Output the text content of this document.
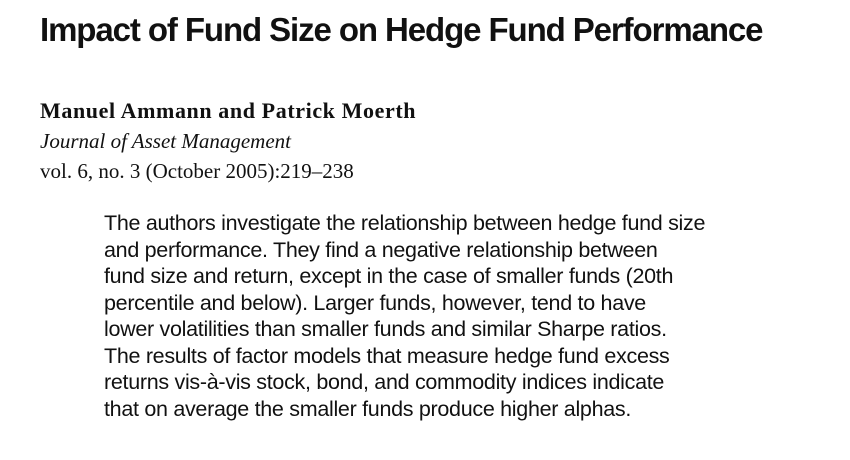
Impact of Fund Size on Hedge Fund Performance
Manuel Ammann and Patrick Moerth
Journal of Asset Management
vol. 6, no. 3 (October 2005):219–238

The authors investigate the relationship between hedge fund size
and performance. They find a negative relationship between
fund size and return, except in the case of smaller funds (20th
percentile and below). Larger funds, however, tend to have
lower volatilities than smaller funds and similar Sharpe ratios.
The results of factor models that measure hedge fund excess
returns vis-à-vis stock, bond, and commodity indices indicate
that on average the smaller funds produce higher alphas.
